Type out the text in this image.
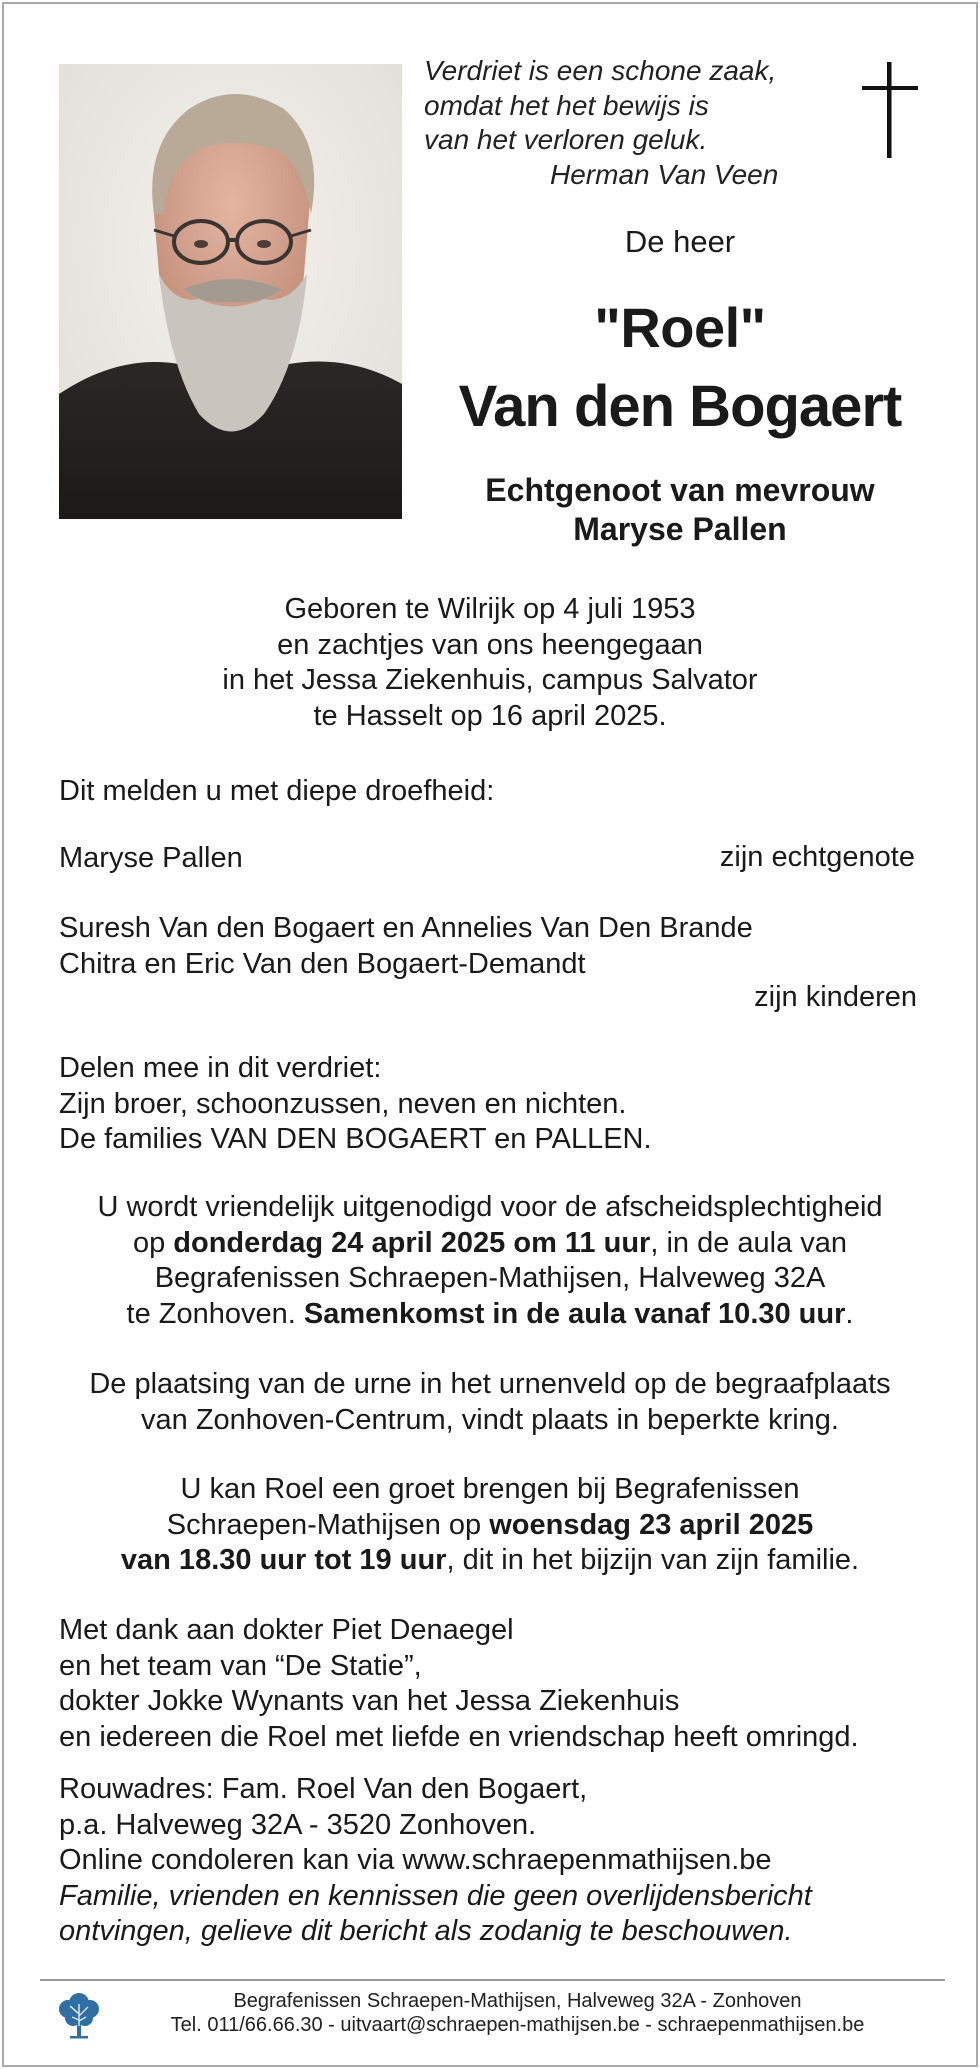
Verdriet is een schone zaak,
omdat het het bewijs is
van het verloren geluk.
Herman Van Veen
De heer
"Roel"
Van den Bogaert
Echtgenoot van mevrouw
Maryse Pallen
Geboren te Wilrijk op 4 juli 1953
en zachtjes van ons heengegaan
in het Jessa Ziekenhuis, campus Salvator
te Hasselt op 16 april 2025.
Dit melden u met diepe droefheid:
Maryse Pallen	zijn echtgenote
Suresh Van den Bogaert en Annelies Van Den Brande
Chitra en Eric Van den Bogaert-Demandt
zijn kinderen
Delen mee in dit verdriet:
Zijn broer, schoonzussen, neven en nichten.
De families VAN DEN BOGAERT en PALLEN.
U wordt vriendelijk uitgenodigd voor de afscheidsplechtigheid
op donderdag 24 april 2025 om 11 uur, in de aula van
Begrafenissen Schraepen-Mathijsen, Halveweg 32A
te Zonhoven. Samenkomst in de aula vanaf 10.30 uur.
De plaatsing van de urne in het urnenveld op de begraafplaats
van Zonhoven-Centrum, vindt plaats in beperkte kring.
U kan Roel een groet brengen bij Begrafenissen
Schraepen-Mathijsen op woensdag 23 april 2025
van 18.30 uur tot 19 uur, dit in het bijzijn van zijn familie.
Met dank aan dokter Piet Denaegel
en het team van “De Statie”,
dokter Jokke Wynants van het Jessa Ziekenhuis
en iedereen die Roel met liefde en vriendschap heeft omringd.
Rouwadres: Fam. Roel Van den Bogaert,
p.a. Halveweg 32A - 3520 Zonhoven.
Online condoleren kan via www.schraepenmathijsen.be
Familie, vrienden en kennissen die geen overlijdensbericht
ontvingen, gelieve dit bericht als zodanig te beschouwen.
Begrafenissen Schraepen-Mathijsen, Halveweg 32A - Zonhoven
Tel. 011/66.66.30 - uitvaart@schraepen-mathijsen.be - schraepenmathijsen.be
